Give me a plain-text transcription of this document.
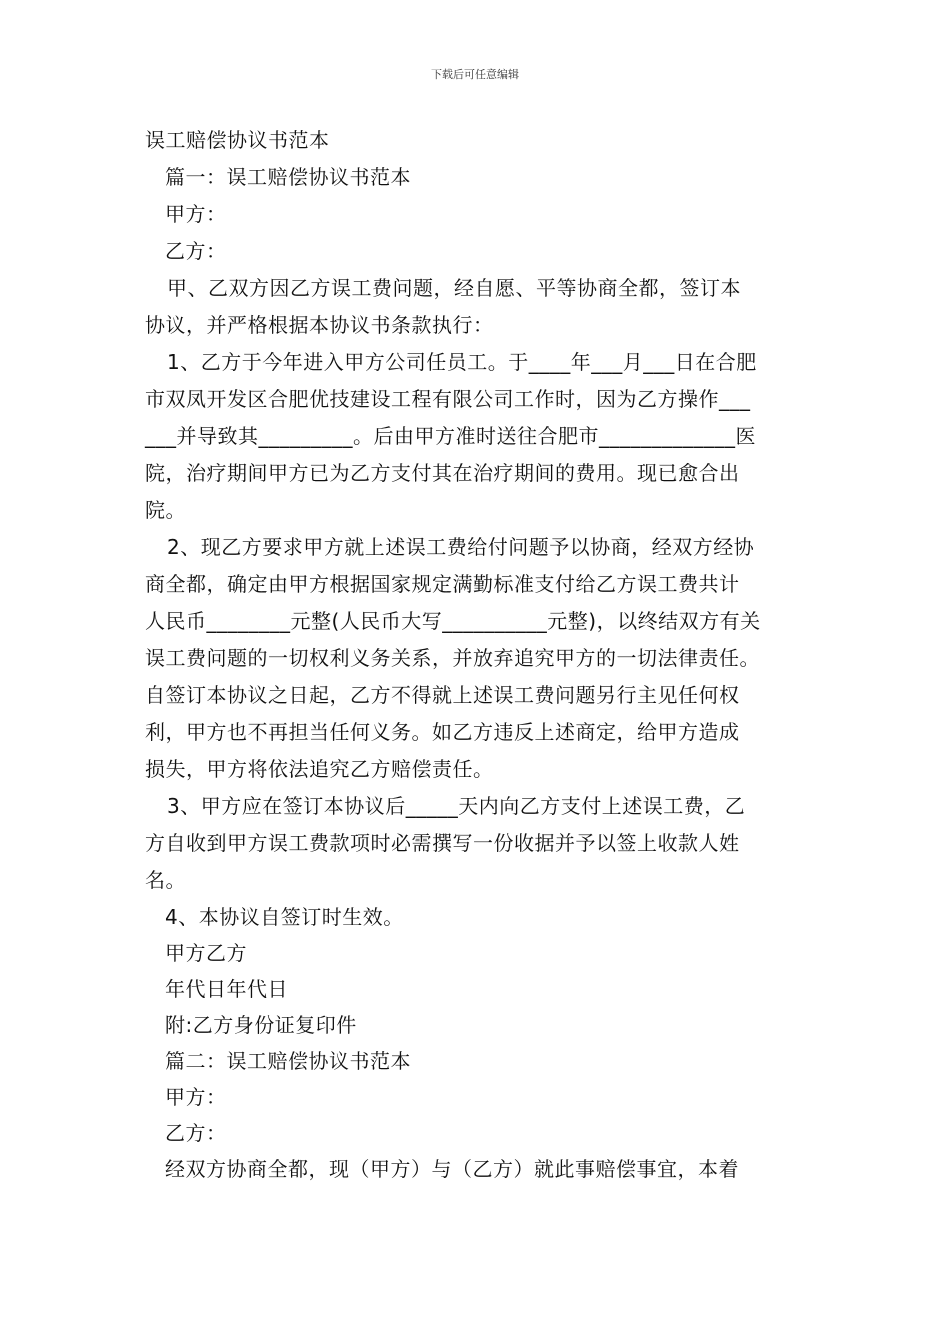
下载后可任意编辑
误工赔偿协议书范本
篇一：误工赔偿协议书范本
甲方：
乙方：
甲、乙双方因乙方误工费问题，经自愿、平等协商全都，签订本
协议，并严格根据本协议书条款执行：
1、乙方于今年进入甲方公司任员工。于____年___月___日在合肥
市双凤开发区合肥优技建设工程有限公司工作时，因为乙方操作___
___并导致其_________。后由甲方准时送往合肥市_____________医
院，治疗期间甲方已为乙方支付其在治疗期间的费用。现已愈合出
院。
2、现乙方要求甲方就上述误工费给付问题予以协商，经双方经协
商全都，确定由甲方根据国家规定满勤标准支付给乙方误工费共计
人民币________元整(人民币大写__________元整)，以终结双方有关
误工费问题的一切权利义务关系，并放弃追究甲方的一切法律责任。
自签订本协议之日起，乙方不得就上述误工费问题另行主见任何权
利，甲方也不再担当任何义务。如乙方违反上述商定，给甲方造成
损失，甲方将依法追究乙方赔偿责任。
3、甲方应在签订本协议后_____天内向乙方支付上述误工费，乙
方自收到甲方误工费款项时必需撰写一份收据并予以签上收款人姓
名。
4、本协议自签订时生效。
甲方乙方
年代日年代日
附:乙方身份证复印件
篇二：误工赔偿协议书范本
甲方：
乙方：
经双方协商全都，现（甲方）与（乙方）就此事赔偿事宜，本着
